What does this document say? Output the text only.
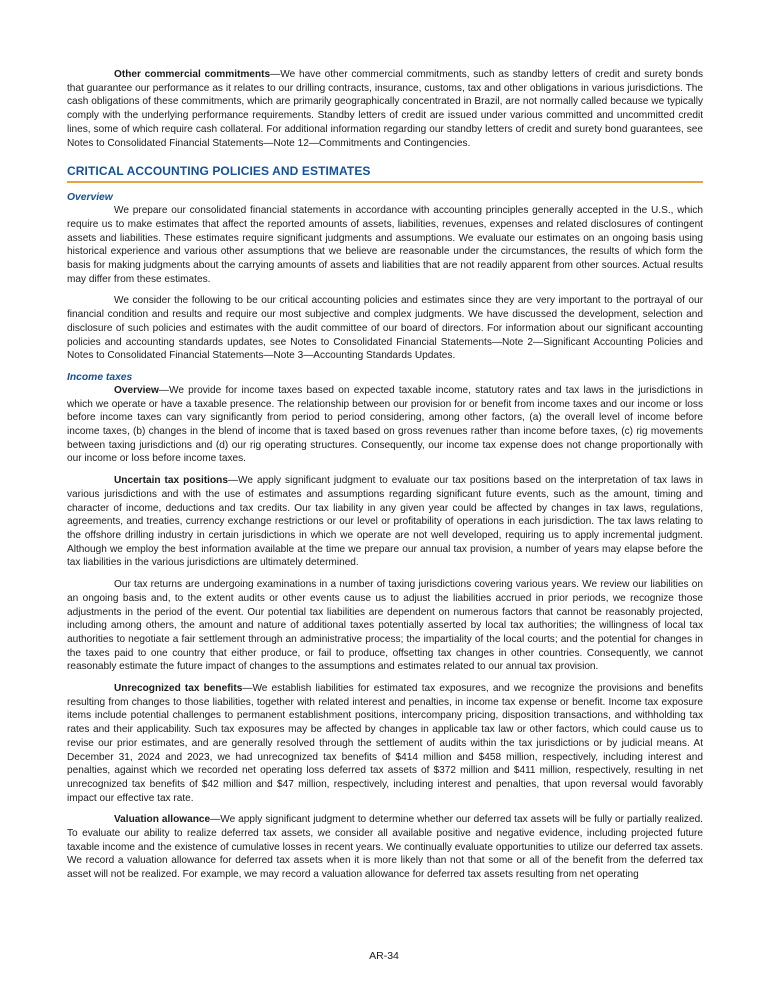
Other commercial commitments—We have other commercial commitments, such as standby letters of credit and surety bonds that guarantee our performance as it relates to our drilling contracts, insurance, customs, tax and other obligations in various jurisdictions. The cash obligations of these commitments, which are primarily geographically concentrated in Brazil, are not normally called because we typically comply with the underlying performance requirements. Standby letters of credit are issued under various committed and uncommitted credit lines, some of which require cash collateral. For additional information regarding our standby letters of credit and surety bond guarantees, see Notes to Consolidated Financial Statements—Note 12—Commitments and Contingencies.

CRITICAL ACCOUNTING POLICIES AND ESTIMATES
Overview

We prepare our consolidated financial statements in accordance with accounting principles generally accepted in the U.S., which require us to make estimates that affect the reported amounts of assets, liabilities, revenues, expenses and related disclosures of contingent assets and liabilities. These estimates require significant judgments and assumptions. We evaluate our estimates on an ongoing basis using historical experience and various other assumptions that we believe are reasonable under the circumstances, the results of which form the basis for making judgments about the carrying amounts of assets and liabilities that are not readily apparent from other sources. Actual results may differ from these estimates.

We consider the following to be our critical accounting policies and estimates since they are very important to the portrayal of our financial condition and results and require our most subjective and complex judgments. We have discussed the development, selection and disclosure of such policies and estimates with the audit committee of our board of directors. For information about our significant accounting policies and accounting standards updates, see Notes to Consolidated Financial Statements—Note 2—Significant Accounting Policies and Notes to Consolidated Financial Statements—Note 3—Accounting Standards Updates.

Income taxes

Overview—We provide for income taxes based on expected taxable income, statutory rates and tax laws in the jurisdictions in which we operate or have a taxable presence. The relationship between our provision for or benefit from income taxes and our income or loss before income taxes can vary significantly from period to period considering, among other factors, (a) the overall level of income before income taxes, (b) changes in the blend of income that is taxed based on gross revenues rather than income before taxes, (c) rig movements between taxing jurisdictions and (d) our rig operating structures. Consequently, our income tax expense does not change proportionally with our income or loss before income taxes.

Uncertain tax positions—We apply significant judgment to evaluate our tax positions based on the interpretation of tax laws in various jurisdictions and with the use of estimates and assumptions regarding significant future events, such as the amount, timing and character of income, deductions and tax credits. Our tax liability in any given year could be affected by changes in tax laws, regulations, agreements, and treaties, currency exchange restrictions or our level or profitability of operations in each jurisdiction. The tax laws relating to the offshore drilling industry in certain jurisdictions in which we operate are not well developed, requiring us to apply incremental judgment. Although we employ the best information available at the time we prepare our annual tax provision, a number of years may elapse before the tax liabilities in the various jurisdictions are ultimately determined.

Our tax returns are undergoing examinations in a number of taxing jurisdictions covering various years. We review our liabilities on an ongoing basis and, to the extent audits or other events cause us to adjust the liabilities accrued in prior periods, we recognize those adjustments in the period of the event. Our potential tax liabilities are dependent on numerous factors that cannot be reasonably projected, including among others, the amount and nature of additional taxes potentially asserted by local tax authorities; the willingness of local tax authorities to negotiate a fair settlement through an administrative process; the impartiality of the local courts; and the potential for changes in the taxes paid to one country that either produce, or fail to produce, offsetting tax changes in other countries. Consequently, we cannot reasonably estimate the future impact of changes to the assumptions and estimates related to our annual tax provision.

Unrecognized tax benefits—We establish liabilities for estimated tax exposures, and we recognize the provisions and benefits resulting from changes to those liabilities, together with related interest and penalties, in income tax expense or benefit. Income tax exposure items include potential challenges to permanent establishment positions, intercompany pricing, disposition transactions, and withholding tax rates and their applicability. Such tax exposures may be affected by changes in applicable tax law or other factors, which could cause us to revise our prior estimates, and are generally resolved through the settlement of audits within the tax jurisdictions or by judicial means. At December 31, 2024 and 2023, we had unrecognized tax benefits of $414 million and $458 million, respectively, including interest and penalties, against which we recorded net operating loss deferred tax assets of $372 million and $411 million, respectively, resulting in net unrecognized tax benefits of $42 million and $47 million, respectively, including interest and penalties, that upon reversal would favorably impact our effective tax rate.

Valuation allowance—We apply significant judgment to determine whether our deferred tax assets will be fully or partially realized. To evaluate our ability to realize deferred tax assets, we consider all available positive and negative evidence, including projected future taxable income and the existence of cumulative losses in recent years. We continually evaluate opportunities to utilize our deferred tax assets. We record a valuation allowance for deferred tax assets when it is more likely than not that some or all of the benefit from the deferred tax asset will not be realized. For example, we may record a valuation allowance for deferred tax assets resulting from net operating

AR-34
